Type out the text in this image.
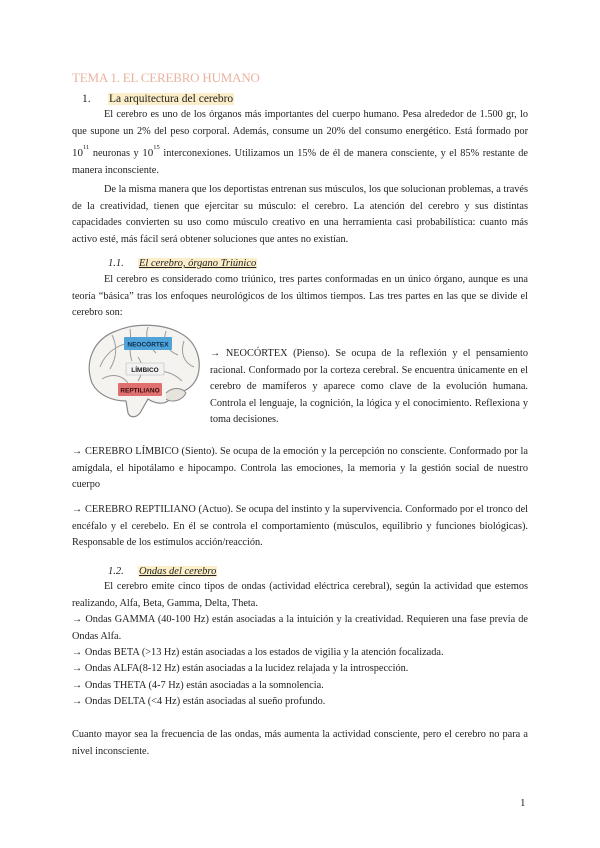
TEMA 1. EL CEREBRO HUMANO
1. La arquitectura del cerebro

El cerebro es uno de los órganos más importantes del cuerpo humano. Pesa alrededor de 1.500 gr, lo que supone un 2% del peso corporal. Además, consume un 20% del consumo energético. Está formado por $10^{11}$ neuronas y $10^{15}$ interconexiones. Utilizamos un 15% de él de manera consciente, y el 85% restante de manera inconsciente.

De la misma manera que los deportistas entrenan sus músculos, los que solucionan problemas, a través de la creatividad, tienen que ejercitar su músculo: el cerebro. La atención del cerebro y sus distintas capacidades convierten su uso como músculo creativo en una herramienta casi probabilística: cuanto más activo esté, más fácil será obtener soluciones que antes no existían.

1.1. El cerebro, órgano Triúnico

El cerebro es considerado como triúnico, tres partes conformadas en un único órgano, aunque es una teoría “básica” tras los enfoques neurológicos de los últimos tiempos. Las tres partes en las que se divide el cerebro son:

NEOCÓRTEX
LÍMBICO
REPTILIANO

→ NEOCÓRTEX (Pienso). Se ocupa de la reflexión y el pensamiento racional. Conformado por la corteza cerebral. Se encuentra únicamente en el cerebro de mamíferos y aparece como clave de la evolución humana. Controla el lenguaje, la cognición, la lógica y el conocimiento. Reflexiona y toma decisiones.

→ CEREBRO LÍMBICO (Siento). Se ocupa de la emoción y la percepción no consciente. Conformado por la amígdala, el hipotálamo e hipocampo. Controla las emociones, la memoria y la gestión social de nuestro cuerpo

→ CEREBRO REPTILIANO (Actuo). Se ocupa del instinto y la supervivencia. Conformado por el tronco del encéfalo y el cerebelo. En él se controla el comportamiento (músculos, equilibrio y funciones biológicas). Responsable de los estímulos acción/reacción.

1.2. Ondas del cerebro

El cerebro emite cinco tipos de ondas (actividad eléctrica cerebral), según la actividad que estemos realizando, Alfa, Beta, Gamma, Delta, Theta.

→ Ondas GAMMA (40-100 Hz) están asociadas a la intuición y la creatividad. Requieren una fase previa de Ondas Alfa.

→ Ondas BETA (>13 Hz) están asociadas a los estados de vigilia y la atención focalizada.

→ Ondas ALFA(8-12 Hz) están asociadas a la lucidez relajada y la introspección.

→ Ondas THETA (4-7 Hz) están asociadas a la somnolencia.

→ Ondas DELTA (<4 Hz) están asociadas al sueño profundo.

Cuanto mayor sea la frecuencia de las ondas, más aumenta la actividad consciente, pero el cerebro no para a nivel inconsciente.

1
